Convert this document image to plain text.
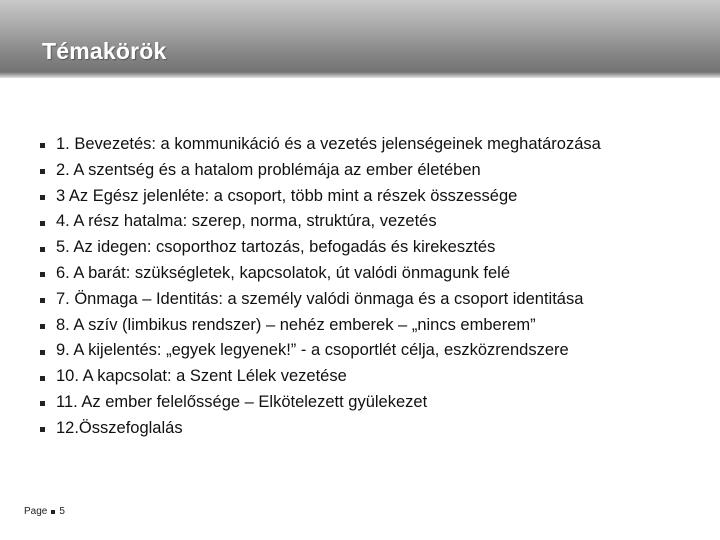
Témakörök
1. Bevezetés: a kommunikáció és a vezetés jelenségeinek meghatározása
2. A szentség és a hatalom problémája az ember életében
3 Az Egész jelenléte: a csoport, több mint a részek összessége
4. A rész hatalma: szerep, norma, struktúra, vezetés
5. Az idegen: csoporthoz tartozás, befogadás és kirekesztés
6. A barát: szükségletek, kapcsolatok, út valódi önmagunk felé
7. Önmaga – Identitás: a személy valódi önmaga és a csoport identitása
8. A szív (limbikus rendszer) – nehéz emberek – „nincs emberem”
9. A kijelentés: „egyek legyenek!” - a csoportlét célja, eszközrendszere
10. A kapcsolat: a Szent Lélek vezetése
11. Az ember felelőssége – Elkötelezett gyülekezet
12.Összefoglalás
Page 5
